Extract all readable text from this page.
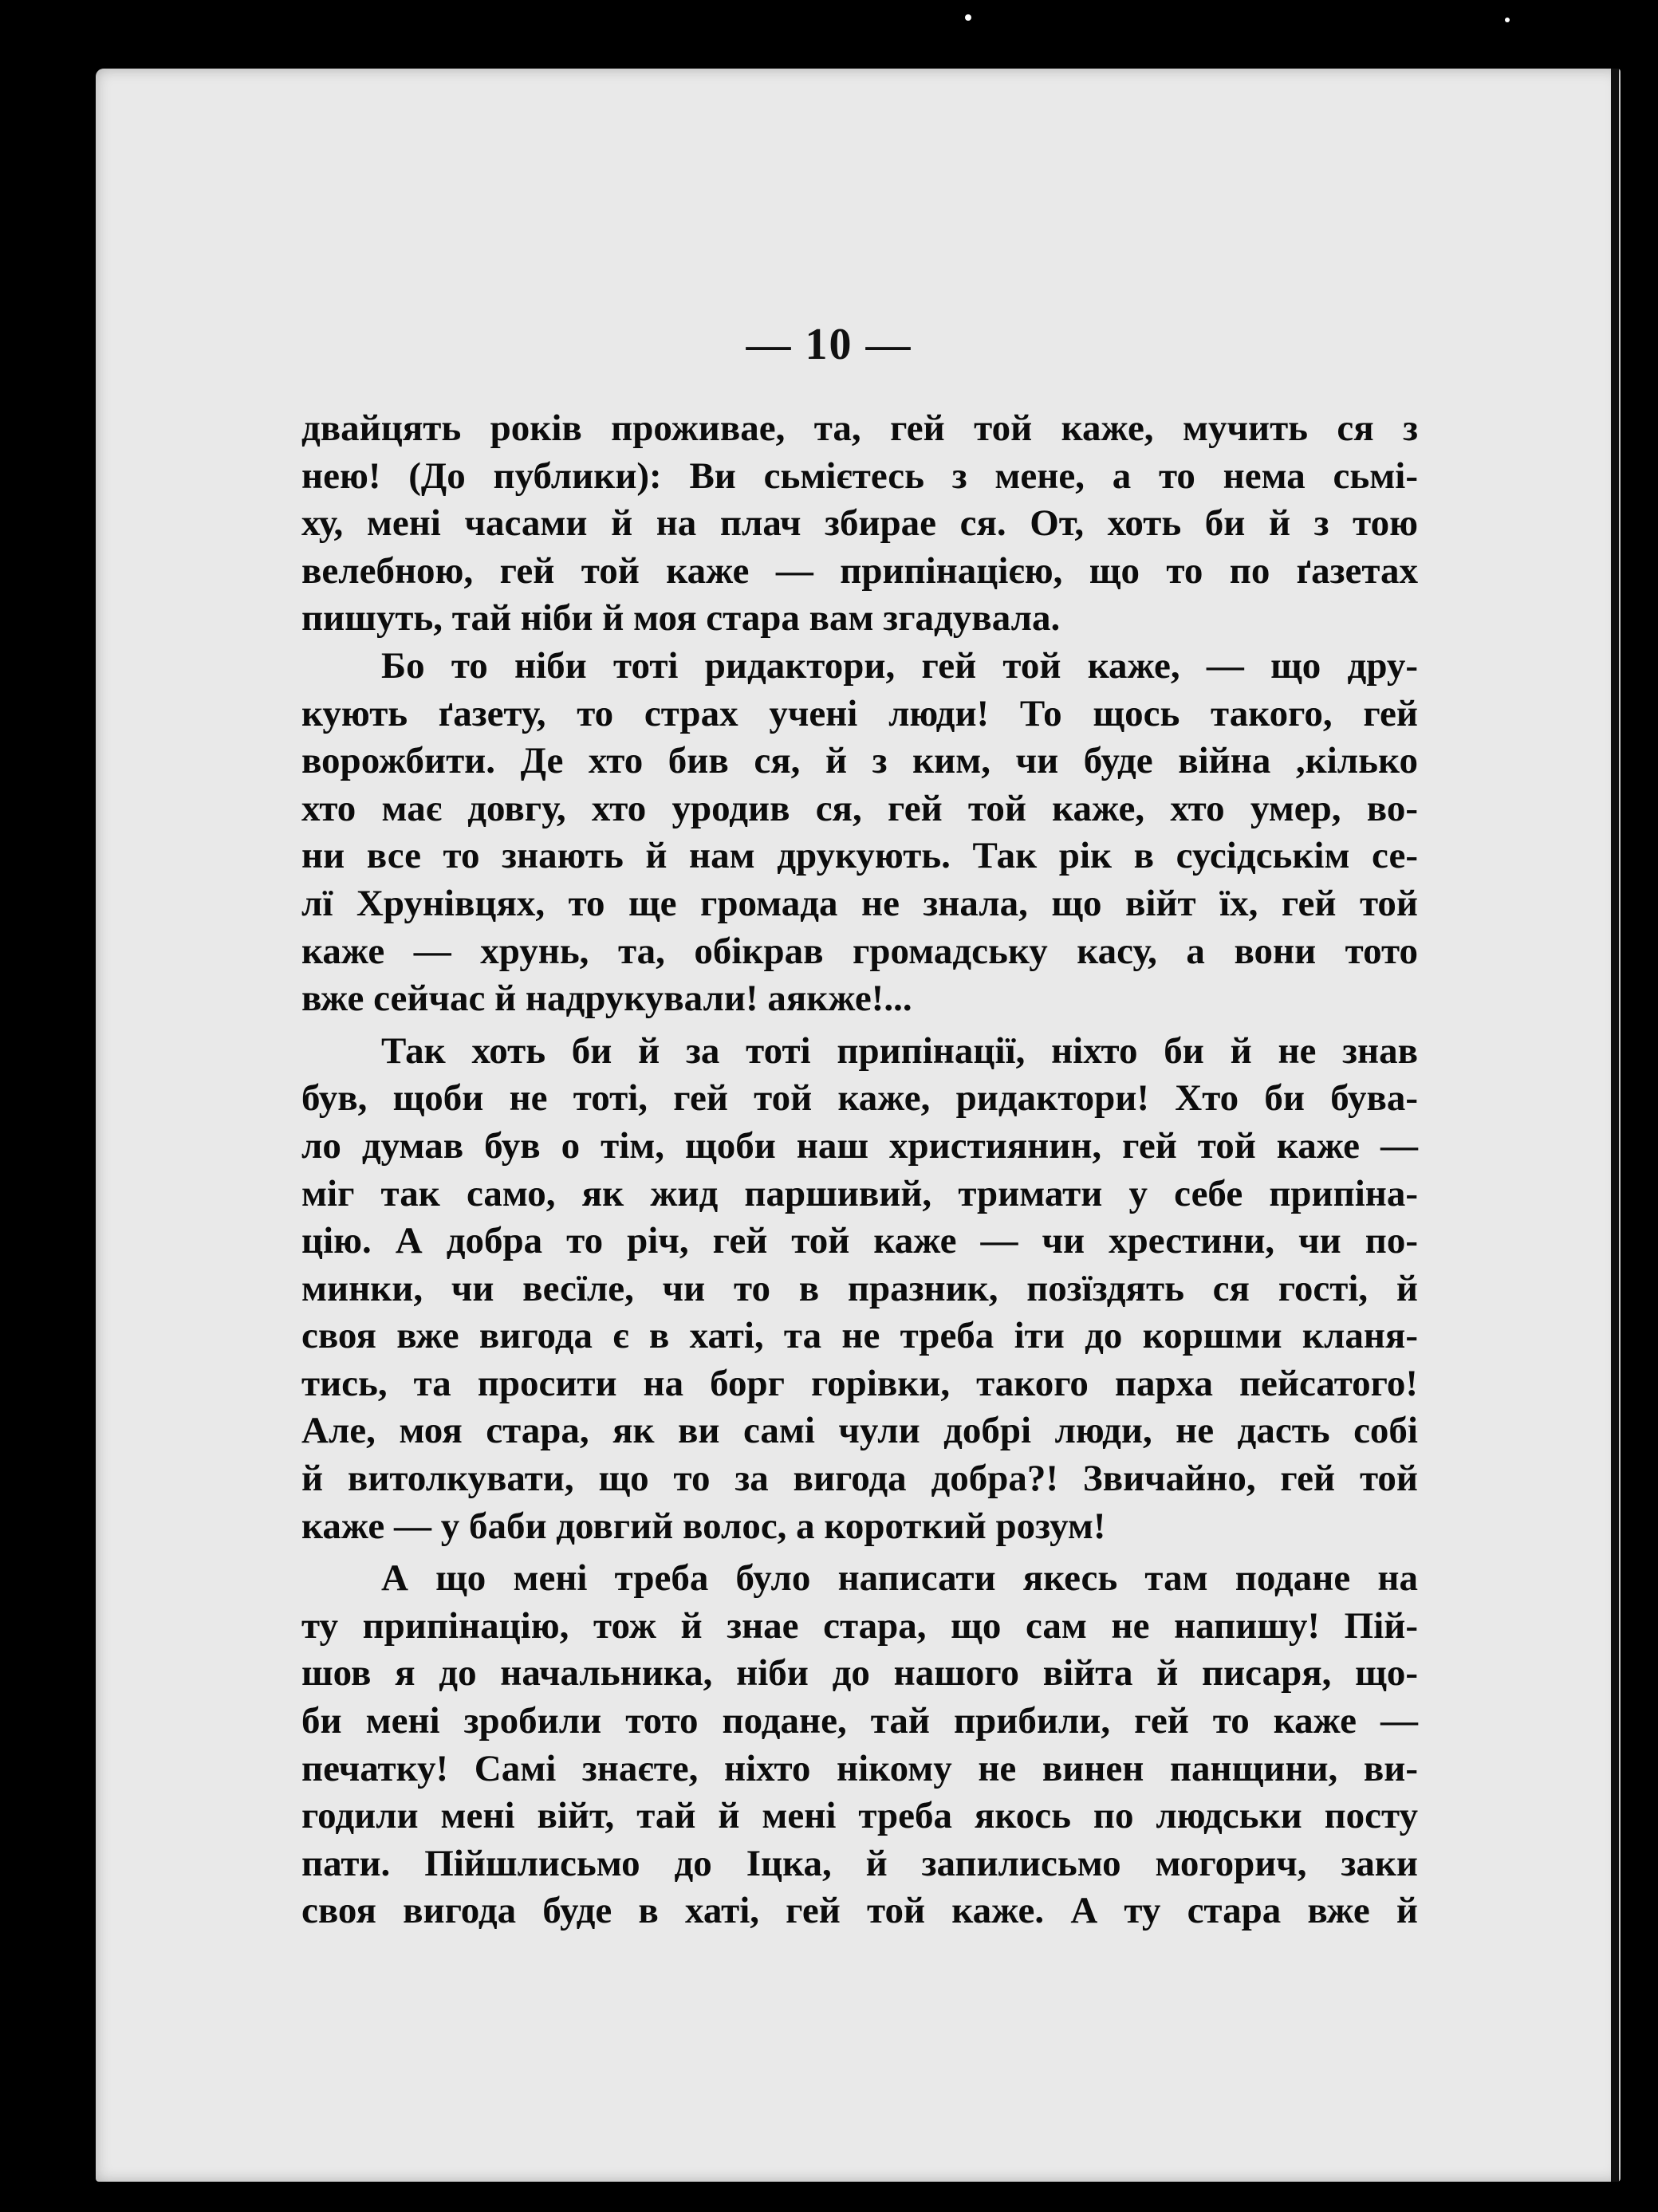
— 10 —
двайцять років проживае, та, гей той каже, мучить ся з
нею! (До публики): Ви сьмієтесь з мене, а то нема сьмі-
ху, мені часами й на плач збирае ся. От, хоть би й з тою
велебною, гей той каже — припінацією, що то по ґазетах
пишуть, тай ніби й моя стара вам згадувала.
Бо то ніби тоті ридактори, гей той каже, — що дру-
кують ґазету, то страх учені люди! То щось такого, гей
ворожбити. Де хто бив ся, й з ким, чи буде війна ,кілько
хто має довгу, хто уродив ся, гей той каже, хто умер, во-
ни все то знають й нам друкують. Так рік в сусідськім се-
лї Хрунівцях, то ще громада не знала, що війт їх, гей той
каже — хрунь, та, обікрав громадську касу, а вони тото
вже сейчас й надрукували! аякже!...
Так хоть би й за тоті припінації, ніхто би й не знав
був, щоби не тоті, гей той каже, ридактори! Хто би бува-
ло думав був о тім, щоби наш християнин, гей той каже —
міг так само, як жид паршивий, тримати у себе припіна-
цію. А добра то річ, гей той каже — чи хрестини, чи по-
минки, чи весїле, чи то в празник, позїздять ся гості, й
своя вже вигода є в хаті, та не треба іти до коршми кланя-
тись, та просити на борг горівки, такого парха пейсатого!
Але, моя стара, як ви самі чули добрі люди, не дасть собі
й витолкувати, що то за вигода добра?! Звичайно, гей той
каже — у баби довгий волос, а короткий розум!
А що мені треба було написати якесь там подане на
ту припінацію, тож й знае стара, що сам не напишу! Пій-
шов я до начальника, ніби до нашого війта й писаря, що-
би мені зробили тото подане, тай прибили, гей то каже —
печатку! Самі знаєте, ніхто нікому не винен панщини, ви-
годили мені війт, тай й мені треба якось по людськи посту
пати. Пійшлисьмо до Іцка, й запилисьмо могорич, заки
своя вигода буде в хаті, гей той каже. А ту стара вже й
